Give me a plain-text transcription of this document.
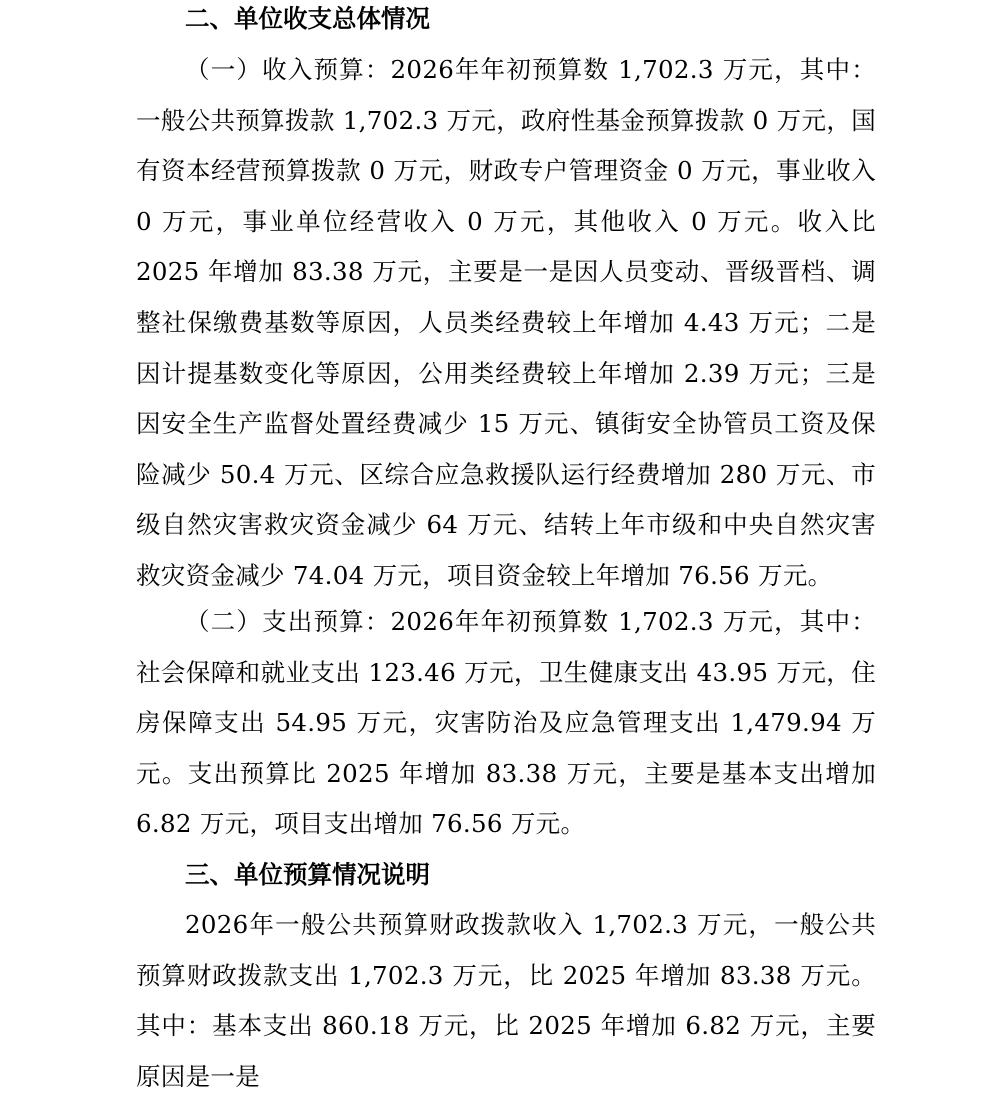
二、单位收支总体情况

（一）收入预算：2026年年初预算数 1,702.3 万元，其中：一般公共预算拨款 1,702.3 万元，政府性基金预算拨款 0 万元，国有资本经营预算拨款 0 万元，财政专户管理资金 0 万元，事业收入 0 万元，事业单位经营收入 0 万元，其他收入 0 万元。收入比 2025 年增加 83.38 万元，主要是一是因人员变动、晋级晋档、调整社保缴费基数等原因，人员类经费较上年增加 4.43 万元；二是因计提基数变化等原因，公用类经费较上年增加 2.39 万元；三是因安全生产监督处置经费减少 15 万元、镇街安全协管员工资及保险减少 50.4 万元、区综合应急救援队运行经费增加 280 万元、市级自然灾害救灾资金减少 64 万元、结转上年市级和中央自然灾害救灾资金减少 74.04 万元，项目资金较上年增加 76.56 万元。

（二）支出预算：2026年年初预算数 1,702.3 万元，其中：社会保障和就业支出 123.46 万元，卫生健康支出 43.95 万元，住房保障支出 54.95 万元，灾害防治及应急管理支出 1,479.94 万元。支出预算比 2025 年增加 83.38 万元，主要是基本支出增加 6.82 万元，项目支出增加 76.56 万元。

三、单位预算情况说明

2026年一般公共预算财政拨款收入 1,702.3 万元，一般公共预算财政拨款支出 1,702.3 万元，比 2025 年增加 83.38 万元。其中：基本支出 860.18 万元，比 2025 年增加 6.82 万元，主要原因是一是
